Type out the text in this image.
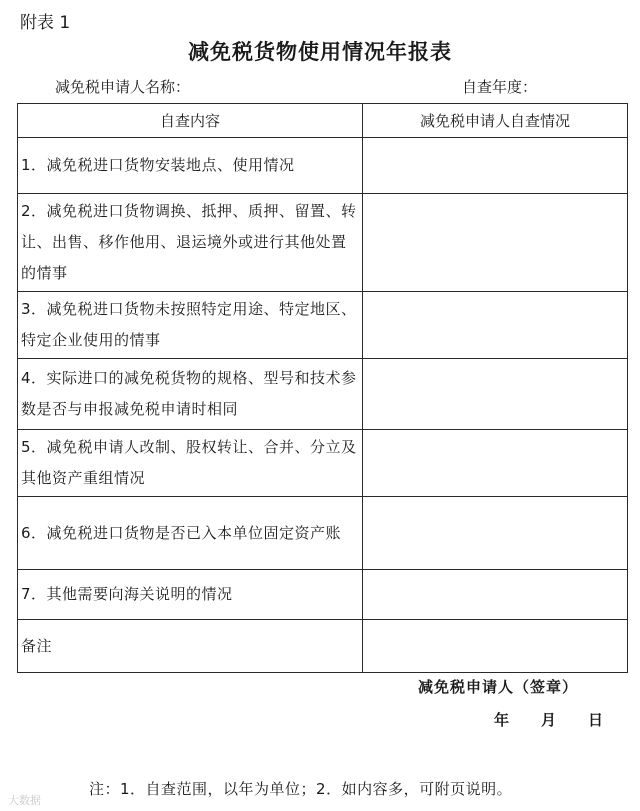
附表 1
减免税货物使用情况年报表
减免税申请人名称：	自查年度：
自查内容	减免税申请人自查情况
1．减免税进口货物安装地点、使用情况	
2．减免税进口货物调换、抵押、质押、留置、转让、出售、移作他用、退运境外或进行其他处置的情事	
3．减免税进口货物未按照特定用途、特定地区、特定企业使用的情事	
4．实际进口的减免税货物的规格、型号和技术参数是否与申报减免税申请时相同	
5．减免税申请人改制、股权转让、合并、分立及其他资产重组情况	
6．减免税进口货物是否已入本单位固定资产账	
7．其他需要向海关说明的情况	
备注	
减免税申请人（签章）
年 月 日
注：1．自查范围，以年为单位；2．如内容多，可附页说明。
大数据
